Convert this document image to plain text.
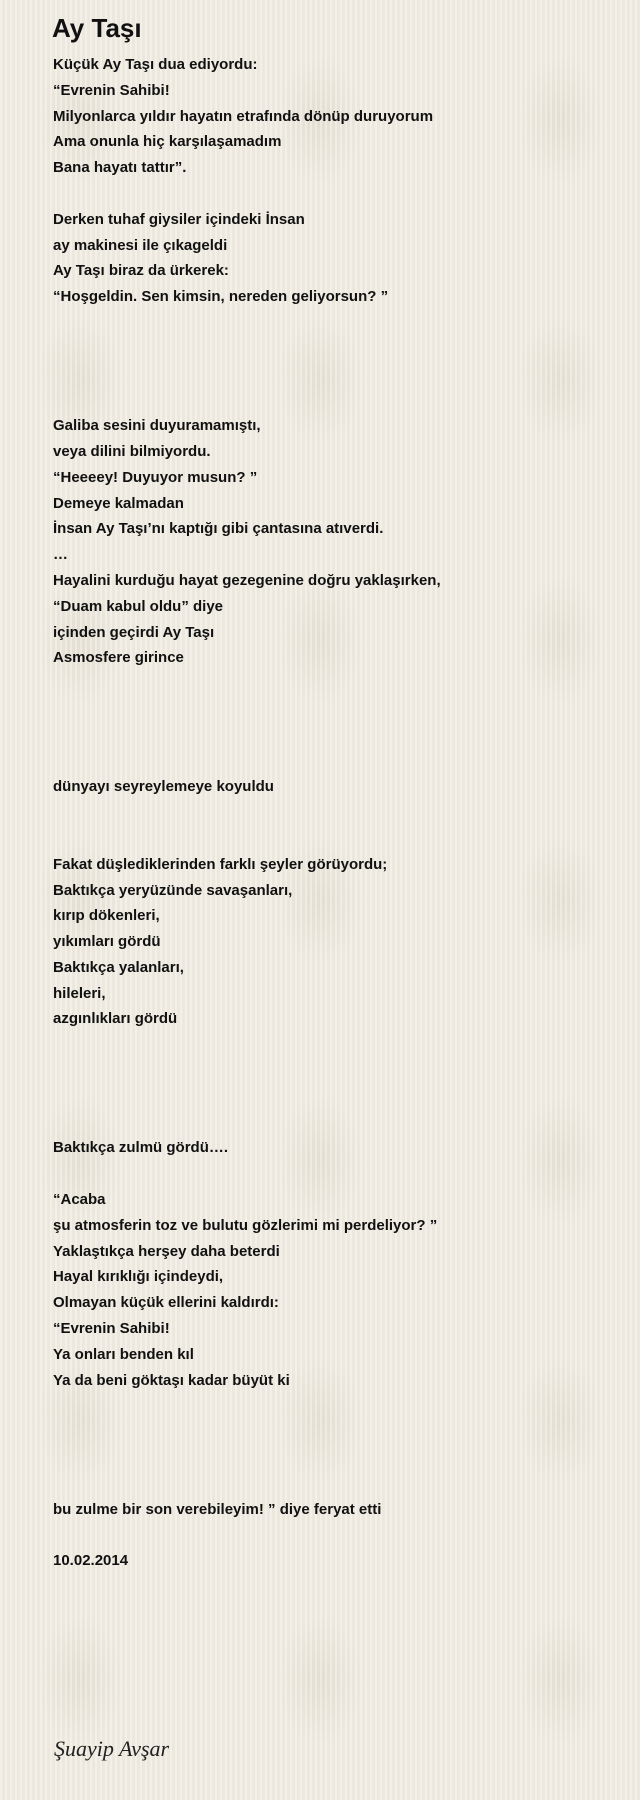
Ay Taşı
Küçük Ay Taşı dua ediyordu:
“Evrenin Sahibi!
Milyonlarca yıldır hayatın etrafında dönüp duruyorum
Ama onunla hiç karşılaşamadım
Bana hayatı tattır”.
Derken tuhaf giysiler içindeki İnsan
ay makinesi ile çıkageldi
Ay Taşı biraz da ürkerek:
“Hoşgeldin. Sen kimsin, nereden geliyorsun? ”
Galiba sesini duyuramamıştı,
veya dilini bilmiyordu.
“Heeeey! Duyuyor musun? ”
Demeye kalmadan
İnsan Ay Taşı’nı kaptığı gibi çantasına atıverdi.
…
Hayalini kurduğu hayat gezegenine doğru yaklaşırken,
“Duam kabul oldu” diye
içinden geçirdi Ay Taşı
Asmosfere girince
dünyayı seyreylemeye koyuldu
Fakat düşlediklerinden farklı şeyler görüyordu;
Baktıkça yeryüzünde savaşanları,
kırıp dökenleri,
yıkımları gördü
Baktıkça yalanları,
hileleri,
azgınlıkları gördü
Baktıkça zulmü gördü….
“Acaba
şu atmosferin toz ve bulutu gözlerimi mi perdeliyor? ”
Yaklaştıkça herşey daha beterdi
Hayal kırıklığı içindeydi,
Olmayan küçük ellerini kaldırdı:
“Evrenin Sahibi!
Ya onları benden kıl
Ya da beni göktaşı kadar büyüt ki
bu zulme bir son verebileyim! ” diye feryat etti
10.02.2014
Şuayip Avşar
